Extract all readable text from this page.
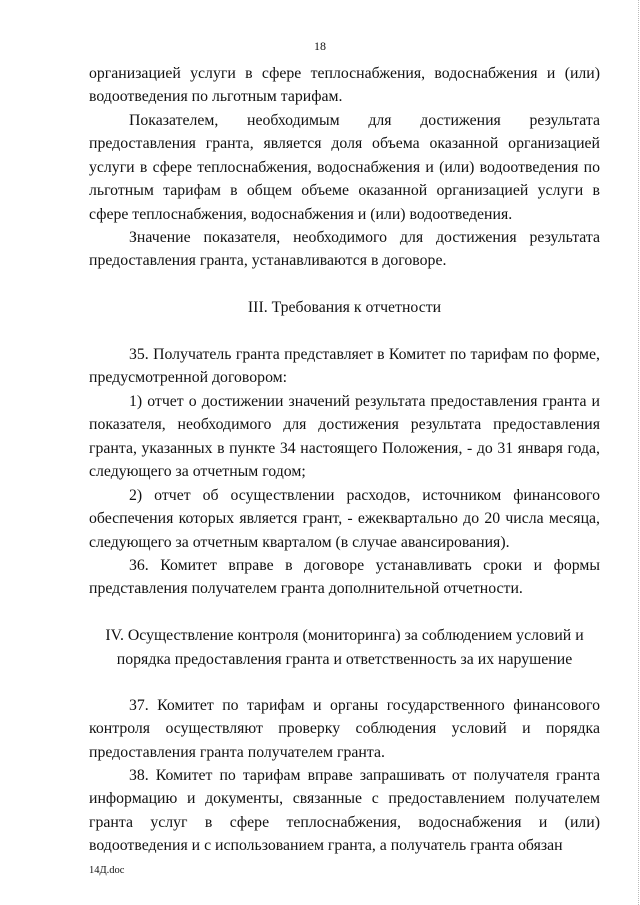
18

организацией услуги в сфере теплоснабжения, водоснабжения и (или) водоотведения по льготным тарифам.

Показателем, необходимым для достижения результата предоставления гранта, является доля объема оказанной организацией услуги в сфере теплоснабжения, водоснабжения и (или) водоотведения по льготным тарифам в общем объеме оказанной организацией услуги в сфере теплоснабжения, водоснабжения и (или) водоотведения.

Значение показателя, необходимого для достижения результата предоставления гранта, устанавливаются в договоре.

III. Требования к отчетности

35. Получатель гранта представляет в Комитет по тарифам по форме, предусмотренной договором:

1) отчет о достижении значений результата предоставления гранта и показателя, необходимого для достижения результата предоставления гранта, указанных в пункте 34 настоящего Положения, - до 31 января года, следующего за отчетным годом;

2) отчет об осуществлении расходов, источником финансового обеспечения которых является грант, - ежеквартально до 20 числа месяца, следующего за отчетным кварталом (в случае авансирования).

36. Комитет вправе в договоре устанавливать сроки и формы представления получателем гранта дополнительной отчетности.

IV. Осуществление контроля (мониторинга) за соблюдением условий и
порядка предоставления гранта и ответственность за их нарушение

37. Комитет по тарифам и органы государственного финансового контроля осуществляют проверку соблюдения условий и порядка предоставления гранта получателем гранта.

38. Комитет по тарифам вправе запрашивать от получателя гранта информацию и документы, связанные с предоставлением получателем гранта услуг в сфере теплоснабжения, водоснабжения и (или) водоотведения и с использованием гранта, а получатель гранта обязан

14Д.doc
